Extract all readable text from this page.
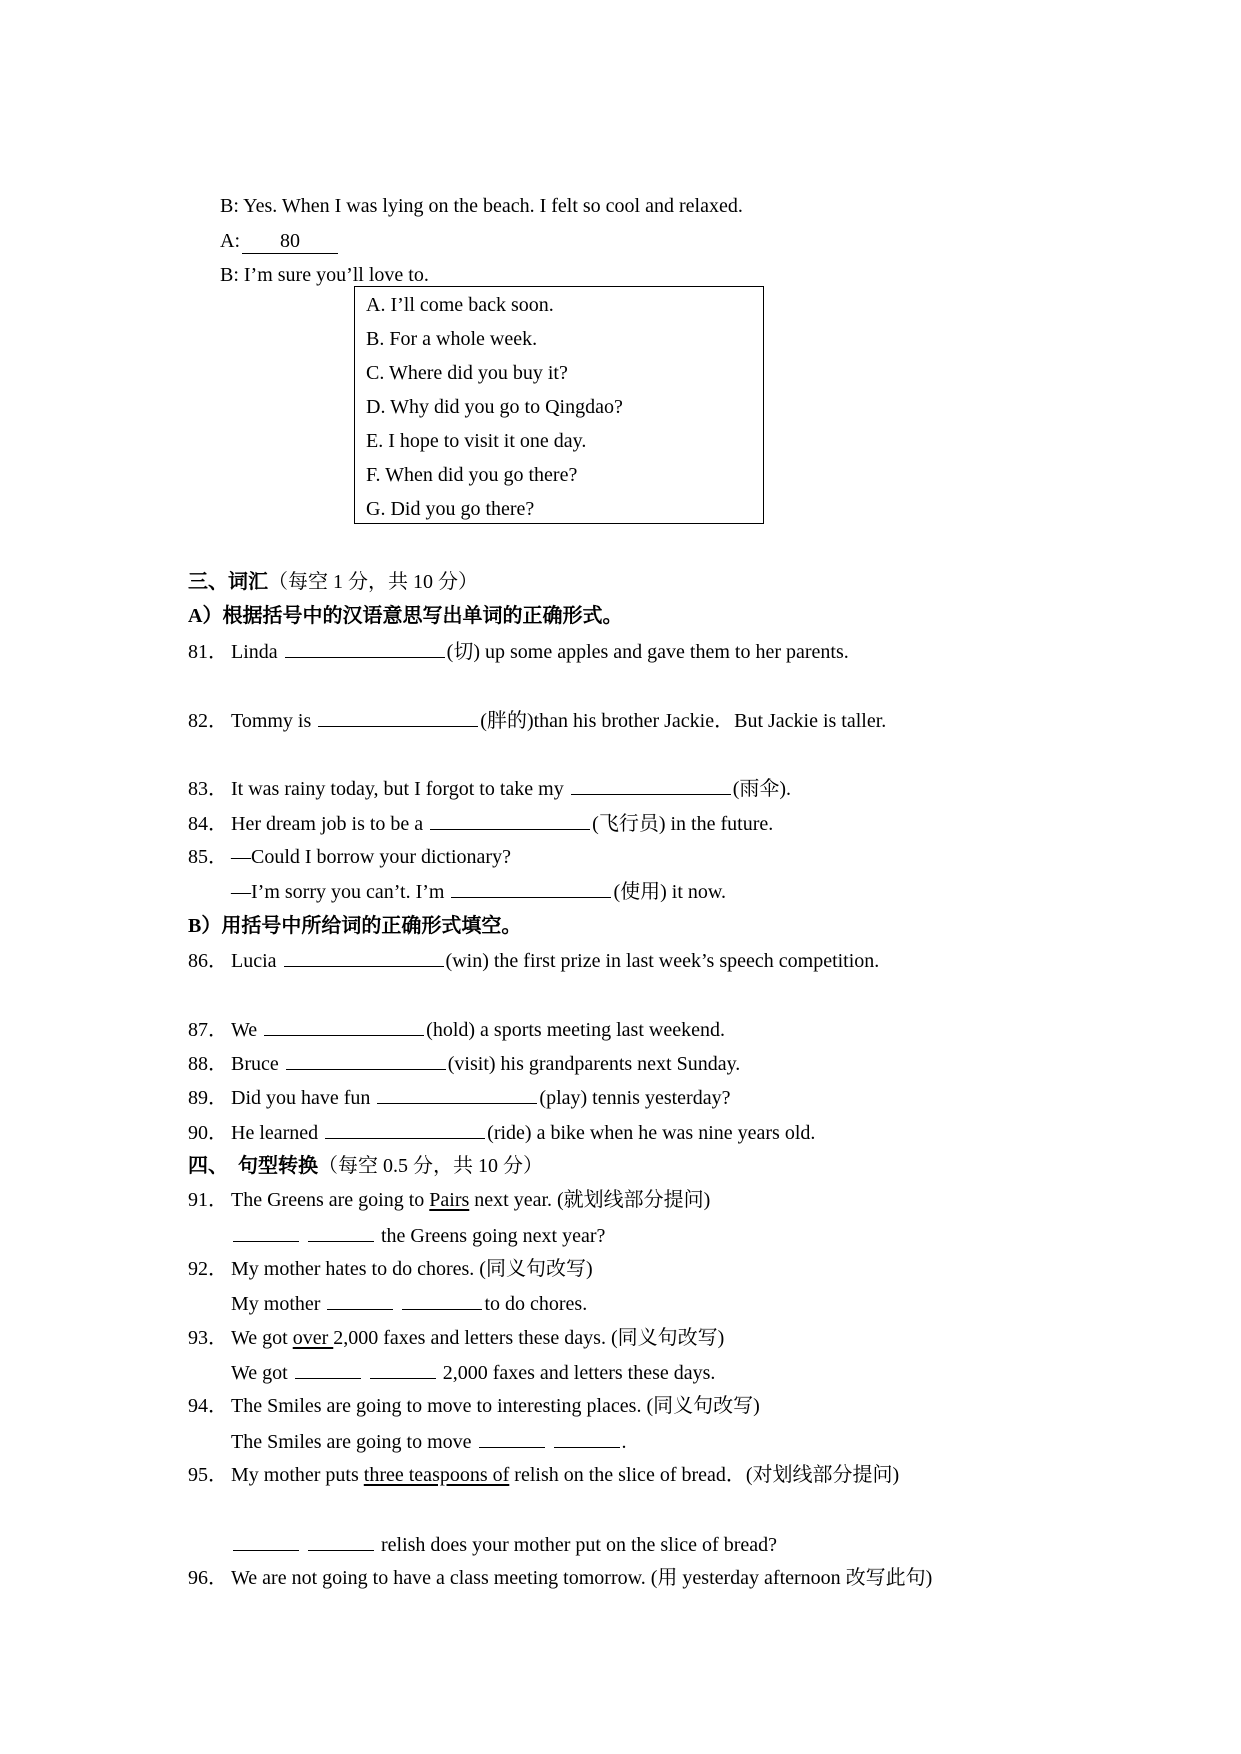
B: Yes. When I was lying on the beach. I felt so cool and relaxed.
A: 80
B: I’m sure you’ll love to.
A. I’ll come back soon.
B. For a whole week.
C. Where did you buy it?
D. Why did you go to Qingdao?
E. I hope to visit it one day.
F. When did you go there?
G. Did you go there?
三、词汇（每空 1 分，共 10 分）
A）根据括号中的汉语意思写出单词的正确形式。
81． Linda	(切) up some apples and gave them to her parents.
82． Tommy is	(胖的)than his brother Jackie．But Jackie is taller.
83． It was rainy today, but I forgot to take my	(雨伞).
84． Her dream job is to be a	(飞行员) in the future.
85． —Could I borrow your dictionary?
—I’m sorry you can’t. I’m	(使用) it now.
B）用括号中所给词的正确形式填空。
86． Lucia	(win) the first prize in last week’s speech competition.
87． We	(hold) a sports meeting last weekend.
88． Bruce	(visit) his grandparents next Sunday.
89． Did you have fun	(play) tennis yesterday?
90． He learned	(ride) a bike when he was nine years old.
四、　句型转换（每空 0.5 分，共 10 分）
91． The Greens are going to Pairs next year. (就划线部分提问)
the Greens going next year?
92． My mother hates to do chores. (同义句改写)
My mother	to do chores.
93． We got over 2,000 faxes and letters these days. (同义句改写)
We got	2,000 faxes and letters these days.
94． The Smiles are going to move to interesting places. (同义句改写)
The Smiles are going to move	.
95． My mother puts three teaspoons of relish on the slice of bread．(对划线部分提问)
relish does your mother put on the slice of bread?
96． We are not going to have a class meeting tomorrow. (用 yesterday afternoon 改写此句)
